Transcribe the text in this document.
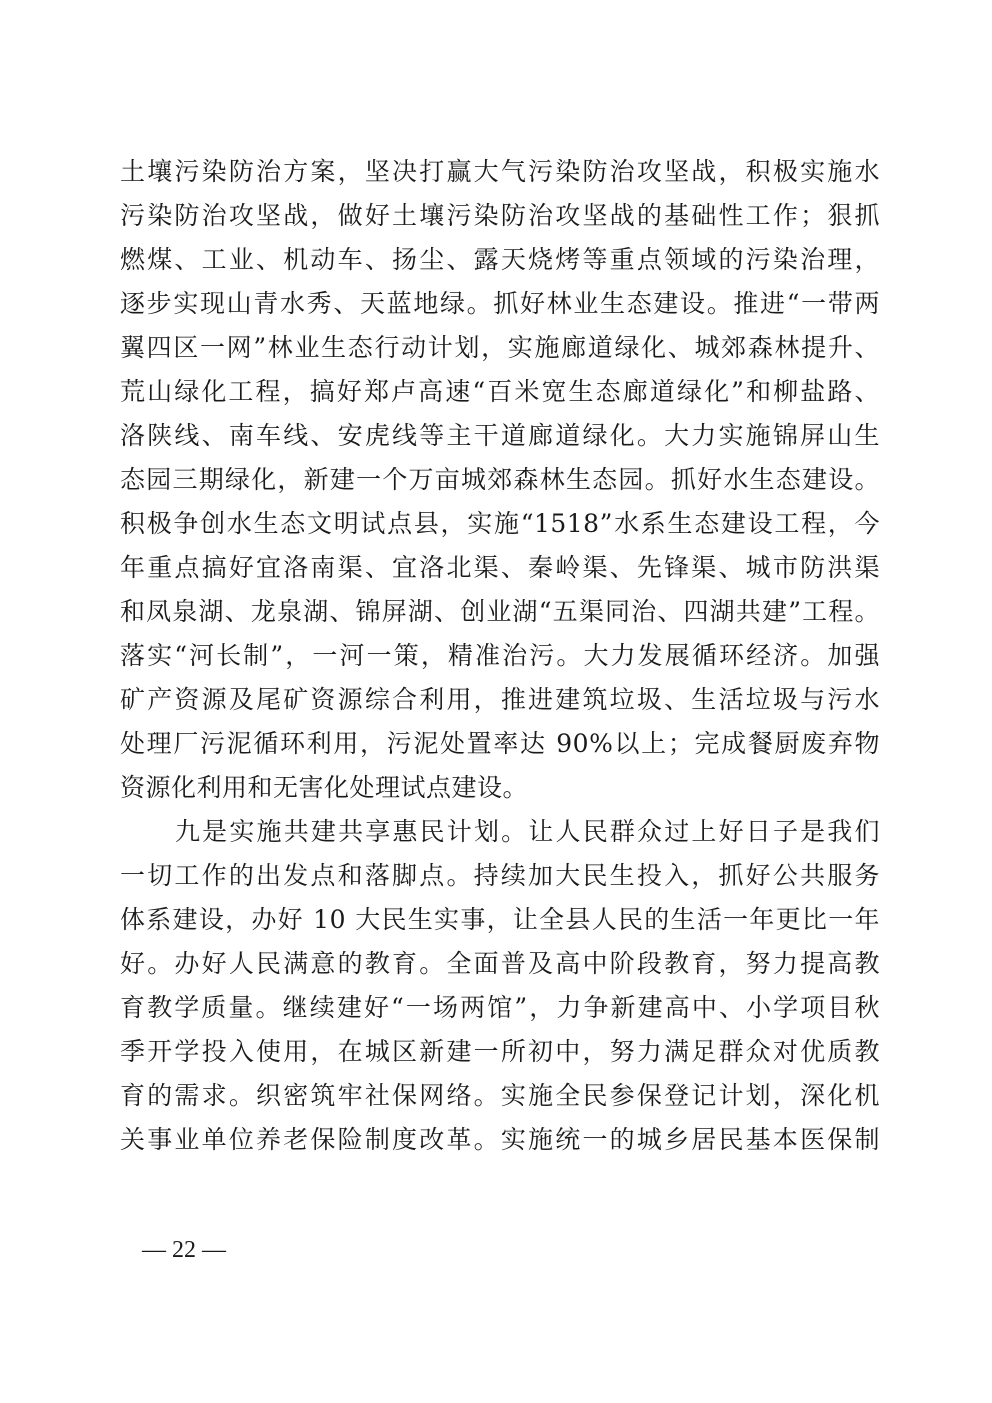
土壤污染防治方案，坚决打赢大气污染防治攻坚战，积极实施水
污染防治攻坚战，做好土壤污染防治攻坚战的基础性工作；狠抓
燃煤、工业、机动车、扬尘、露天烧烤等重点领域的污染治理，
逐步实现山青水秀、天蓝地绿。抓好林业生态建设。推进“一带两
翼四区一网”林业生态行动计划，实施廊道绿化、城郊森林提升、
荒山绿化工程，搞好郑卢高速“百米宽生态廊道绿化”和柳盐路、
洛陕线、南车线、安虎线等主干道廊道绿化。大力实施锦屏山生
态园三期绿化，新建一个万亩城郊森林生态园。抓好水生态建设。
积极争创水生态文明试点县，实施“1518”水系生态建设工程，今
年重点搞好宜洛南渠、宜洛北渠、秦岭渠、先锋渠、城市防洪渠
和凤泉湖、龙泉湖、锦屏湖、创业湖“五渠同治、四湖共建”工程。
落实“河长制”，一河一策，精准治污。大力发展循环经济。加强
矿产资源及尾矿资源综合利用，推进建筑垃圾、生活垃圾与污水
处理厂污泥循环利用，污泥处置率达 90%以上；完成餐厨废弃物
资源化利用和无害化处理试点建设。
九是实施共建共享惠民计划。让人民群众过上好日子是我们
一切工作的出发点和落脚点。持续加大民生投入，抓好公共服务
体系建设，办好 10 大民生实事，让全县人民的生活一年更比一年
好。办好人民满意的教育。全面普及高中阶段教育，努力提高教
育教学质量。继续建好“一场两馆”，力争新建高中、小学项目秋
季开学投入使用，在城区新建一所初中，努力满足群众对优质教
育的需求。织密筑牢社保网络。实施全民参保登记计划，深化机
关事业单位养老保险制度改革。实施统一的城乡居民基本医保制
— 22 —
